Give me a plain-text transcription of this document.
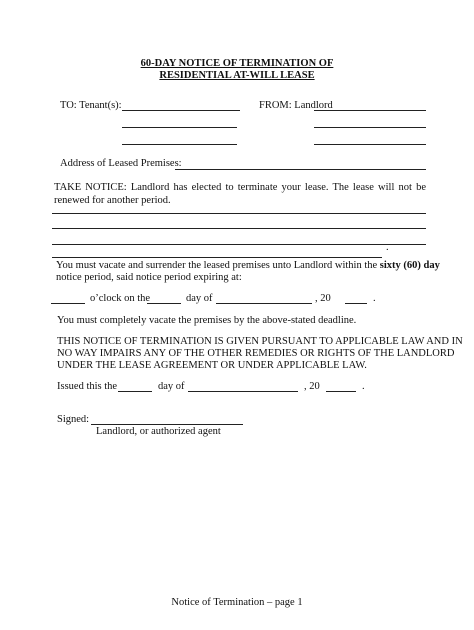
60-DAY NOTICE OF TERMINATION OF
RESIDENTIAL AT-WILL LEASE
TO: Tenant(s):	FROM: Landlord
Address of Leased Premises:
TAKE NOTICE: Landlord has elected to terminate your lease. The lease will not be renewed for another period.
.
You must vacate and surrender the leased premises unto Landlord within the sixty (60) day
notice period, said notice period expiring at:
o’clock on the	day of	, 20	.
You must completely vacate the premises by the above-stated deadline.
THIS NOTICE OF TERMINATION IS GIVEN PURSUANT TO APPLICABLE LAW AND IN
NO WAY IMPAIRS ANY OF THE OTHER REMEDIES OR RIGHTS OF THE LANDLORD
UNDER THE LEASE AGREEMENT OR UNDER APPLICABLE LAW.
Issued this the	day of	, 20	.
Signed:
Landlord, or authorized agent
Notice of Termination – page 1
